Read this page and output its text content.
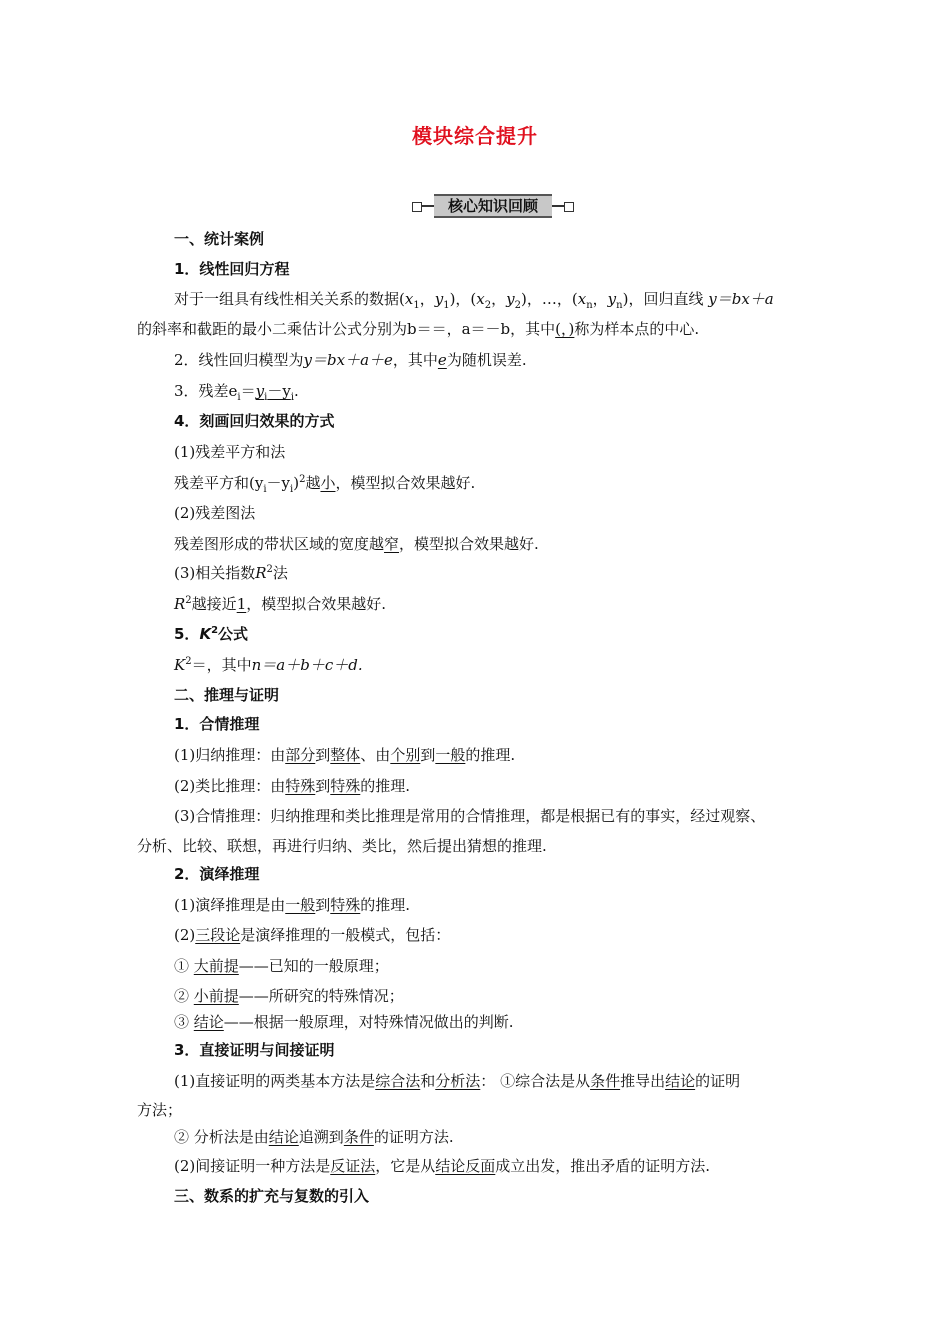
模块综合提升
核心知识回顾
一、统计案例
1．线性回归方程
对于一组具有线性相关关系的数据($x_1$，$y_1$)，($x_2$，$y_2$)，…，($x_n$，$y_n$)，回归直线 y＝bx＋a
的斜率和截距的最小二乘估计公式分别为b＝＝，a＝－b，其中(，)称为样本点的中心.
2．线性回归模型为y＝bx＋a＋e，其中e为随机误差.
3．残差$e_i=y_i-y_i$.
4．刻画回归效果的方式
(1)残差平方和法
残差平方和$(y_i-y_i)^2$越小，模型拟合效果越好.
(2)残差图法
残差图形成的带状区域的宽度越窄，模型拟合效果越好.
(3)相关指数$R^2$法
$R^2$越接近1，模型拟合效果越好.
5．$K^2$公式
$K^2=$，其中n＝a＋b＋c＋d.
二、推理与证明
1．合情推理
(1)归纳推理：由部分到整体、由个别到一般的推理.
(2)类比推理：由特殊到特殊的推理.
(3)合情推理：归纳推理和类比推理是常用的合情推理，都是根据已有的事实，经过观察、
分析、比较、联想，再进行归纳、类比，然后提出猜想的推理.
2．演绎推理
(1)演绎推理是由一般到特殊的推理.
(2)三段论是演绎推理的一般模式，包括：
① 大前提——已知的一般原理；
② 小前提——所研究的特殊情况；
③ 结论——根据一般原理，对特殊情况做出的判断.
3．直接证明与间接证明
(1)直接证明的两类基本方法是综合法和分析法： ①综合法是从条件推导出结论的证明
方法；
② 分析法是由结论追溯到条件的证明方法.
(2)间接证明一种方法是反证法，它是从结论反面成立出发，推出矛盾的证明方法.
三、数系的扩充与复数的引入
